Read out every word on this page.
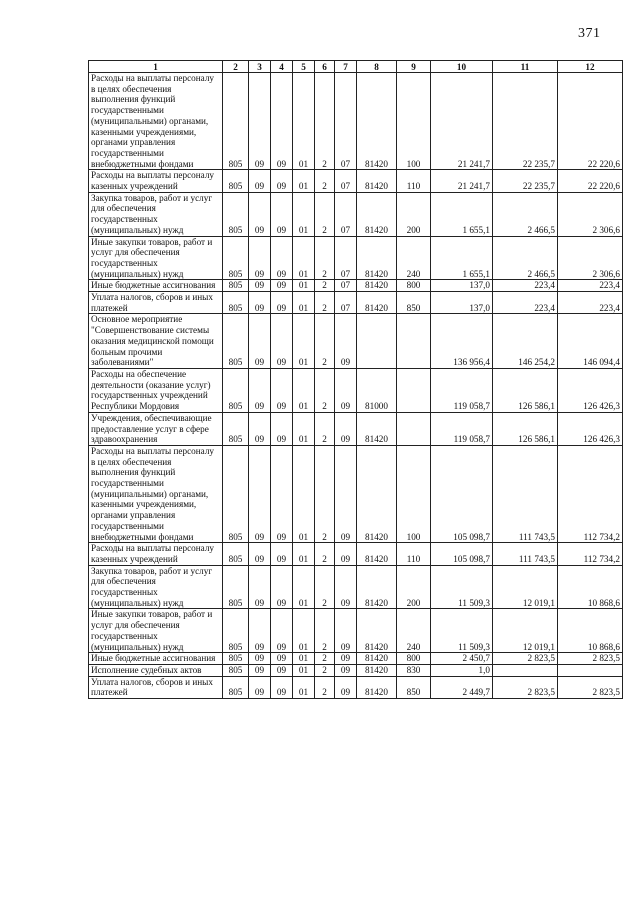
371
1	2	3	4	5	6	7	8	9	10	11	12
Расходы на выплаты персоналу в целях обеспечения выполнения функций государственными (муниципальными) органами, казенными учреждениями, органами управления государственными внебюджетными фондами	805	09	09	01	2	07	81420	100	21 241,7	22 235,7	22 220,6
Расходы на выплаты персоналу казенных учреждений	805	09	09	01	2	07	81420	110	21 241,7	22 235,7	22 220,6
Закупка товаров, работ и услуг для обеспечения государственных (муниципальных) нужд	805	09	09	01	2	07	81420	200	1 655,1	2 466,5	2 306,6
Иные закупки товаров, работ и услуг для обеспечения государственных (муниципальных) нужд	805	09	09	01	2	07	81420	240	1 655,1	2 466,5	2 306,6
Иные бюджетные ассигнования	805	09	09	01	2	07	81420	800	137,0	223,4	223,4
Уплата налогов, сборов и иных платежей	805	09	09	01	2	07	81420	850	137,0	223,4	223,4
Основное мероприятие "Совершенствование системы оказания медицинской помощи больным прочими заболеваниями"	805	09	09	01	2	09			136 956,4	146 254,2	146 094,4
Расходы на обеспечение деятельности (оказание услуг) государственных учреждений Республики Мордовия	805	09	09	01	2	09	81000		119 058,7	126 586,1	126 426,3
Учреждения, обеспечивающие предоставление услуг в сфере здравоохранения	805	09	09	01	2	09	81420		119 058,7	126 586,1	126 426,3
Расходы на выплаты персоналу в целях обеспечения выполнения функций государственными (муниципальными) органами, казенными учреждениями, органами управления государственными внебюджетными фондами	805	09	09	01	2	09	81420	100	105 098,7	111 743,5	112 734,2
Расходы на выплаты персоналу казенных учреждений	805	09	09	01	2	09	81420	110	105 098,7	111 743,5	112 734,2
Закупка товаров, работ и услуг для обеспечения государственных (муниципальных) нужд	805	09	09	01	2	09	81420	200	11 509,3	12 019,1	10 868,6
Иные закупки товаров, работ и услуг для обеспечения государственных (муниципальных) нужд	805	09	09	01	2	09	81420	240	11 509,3	12 019,1	10 868,6
Иные бюджетные ассигнования	805	09	09	01	2	09	81420	800	2 450,7	2 823,5	2 823,5
Исполнение судебных актов	805	09	09	01	2	09	81420	830	1,0		
Уплата налогов, сборов и иных платежей	805	09	09	01	2	09	81420	850	2 449,7	2 823,5	2 823,5
